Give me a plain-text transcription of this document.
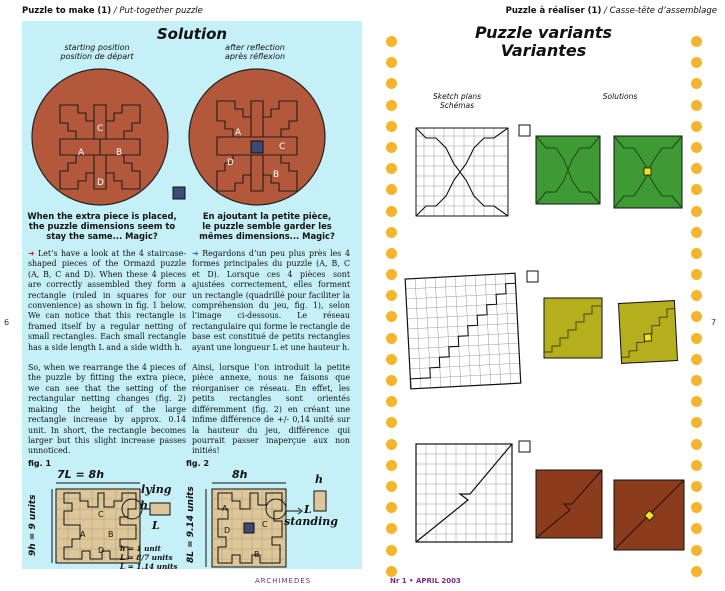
Puzzle to make (1) / Put-together puzzle
6
Solution
starting position
position de départ
after reflection
après réflexion
A	B
C
D
A
C
D
B
When the extra piece is placed,
the puzzle dimensions seem to
stay the same... Magic?
En ajoutant la petite pièce,
le puzzle semble garder les
mêmes dimensions... Magic?

➜ Let’s have a look at the 4 staircase-shaped pieces of the Ormazd puzzle (A, B, C and D). When these 4 pieces are correctly assembled they form a rectangle (ruled in squares for our convenience) as shown in fig. 1 below. We can notice that this rectangle is framed itself by a regular netting of small rectangles. Each small rectangle has a side length L and a side width h.

So, when we rearrange the 4 pieces of the puzzle by fitting the extra piece, we can see that the setting of the rectangular netting changes (fig. 2) making the height of the large rectangle increase by approx. 0.14 unit. In short, the rectangle becomes larger but this slight increase passes unnoticed.

➜ Regardons d’un peu plus près les 4 formes principales du puzzle (A, B, C et D). Lorsque ces 4 pièces sont ajustées correctement, elles forment un rectangle (quadrillé pour faciliter la compréhension du jeu, fig. 1), selon l’image ci-dessous. Le réseau rectangulaire qui forme le rectangle de base est constitué de petits rectangles ayant une longueur L et une hauteur h.

Ainsi, lorsque l’on introduit la petite pièce annexe, nous ne faisons que réorganiser ce réseau. En effet, les petits rectangles sont orientés différemment (fig. 2) en créant une infime différence de +/- 0,14 unité sur la hauteur du jeu, différence qui pourrait passer inaperçue aux non initiés!

fig. 1
7L = 8h
9h = 9 units	A	B
C
D
h
lying
L
h = 1 unit
L = 8/7 units
L = 1.14 units
fig. 2
8h
8L = 9.14 units	A
C
D
B
L
h
standing
ARCHIMEDES
Puzzle à réaliser (1) / Casse-tête d’assemblage
7
Puzzle variants
Variantes
Sketch plans
Schémas
Solutions
Nr 1 • APRIL 2003
